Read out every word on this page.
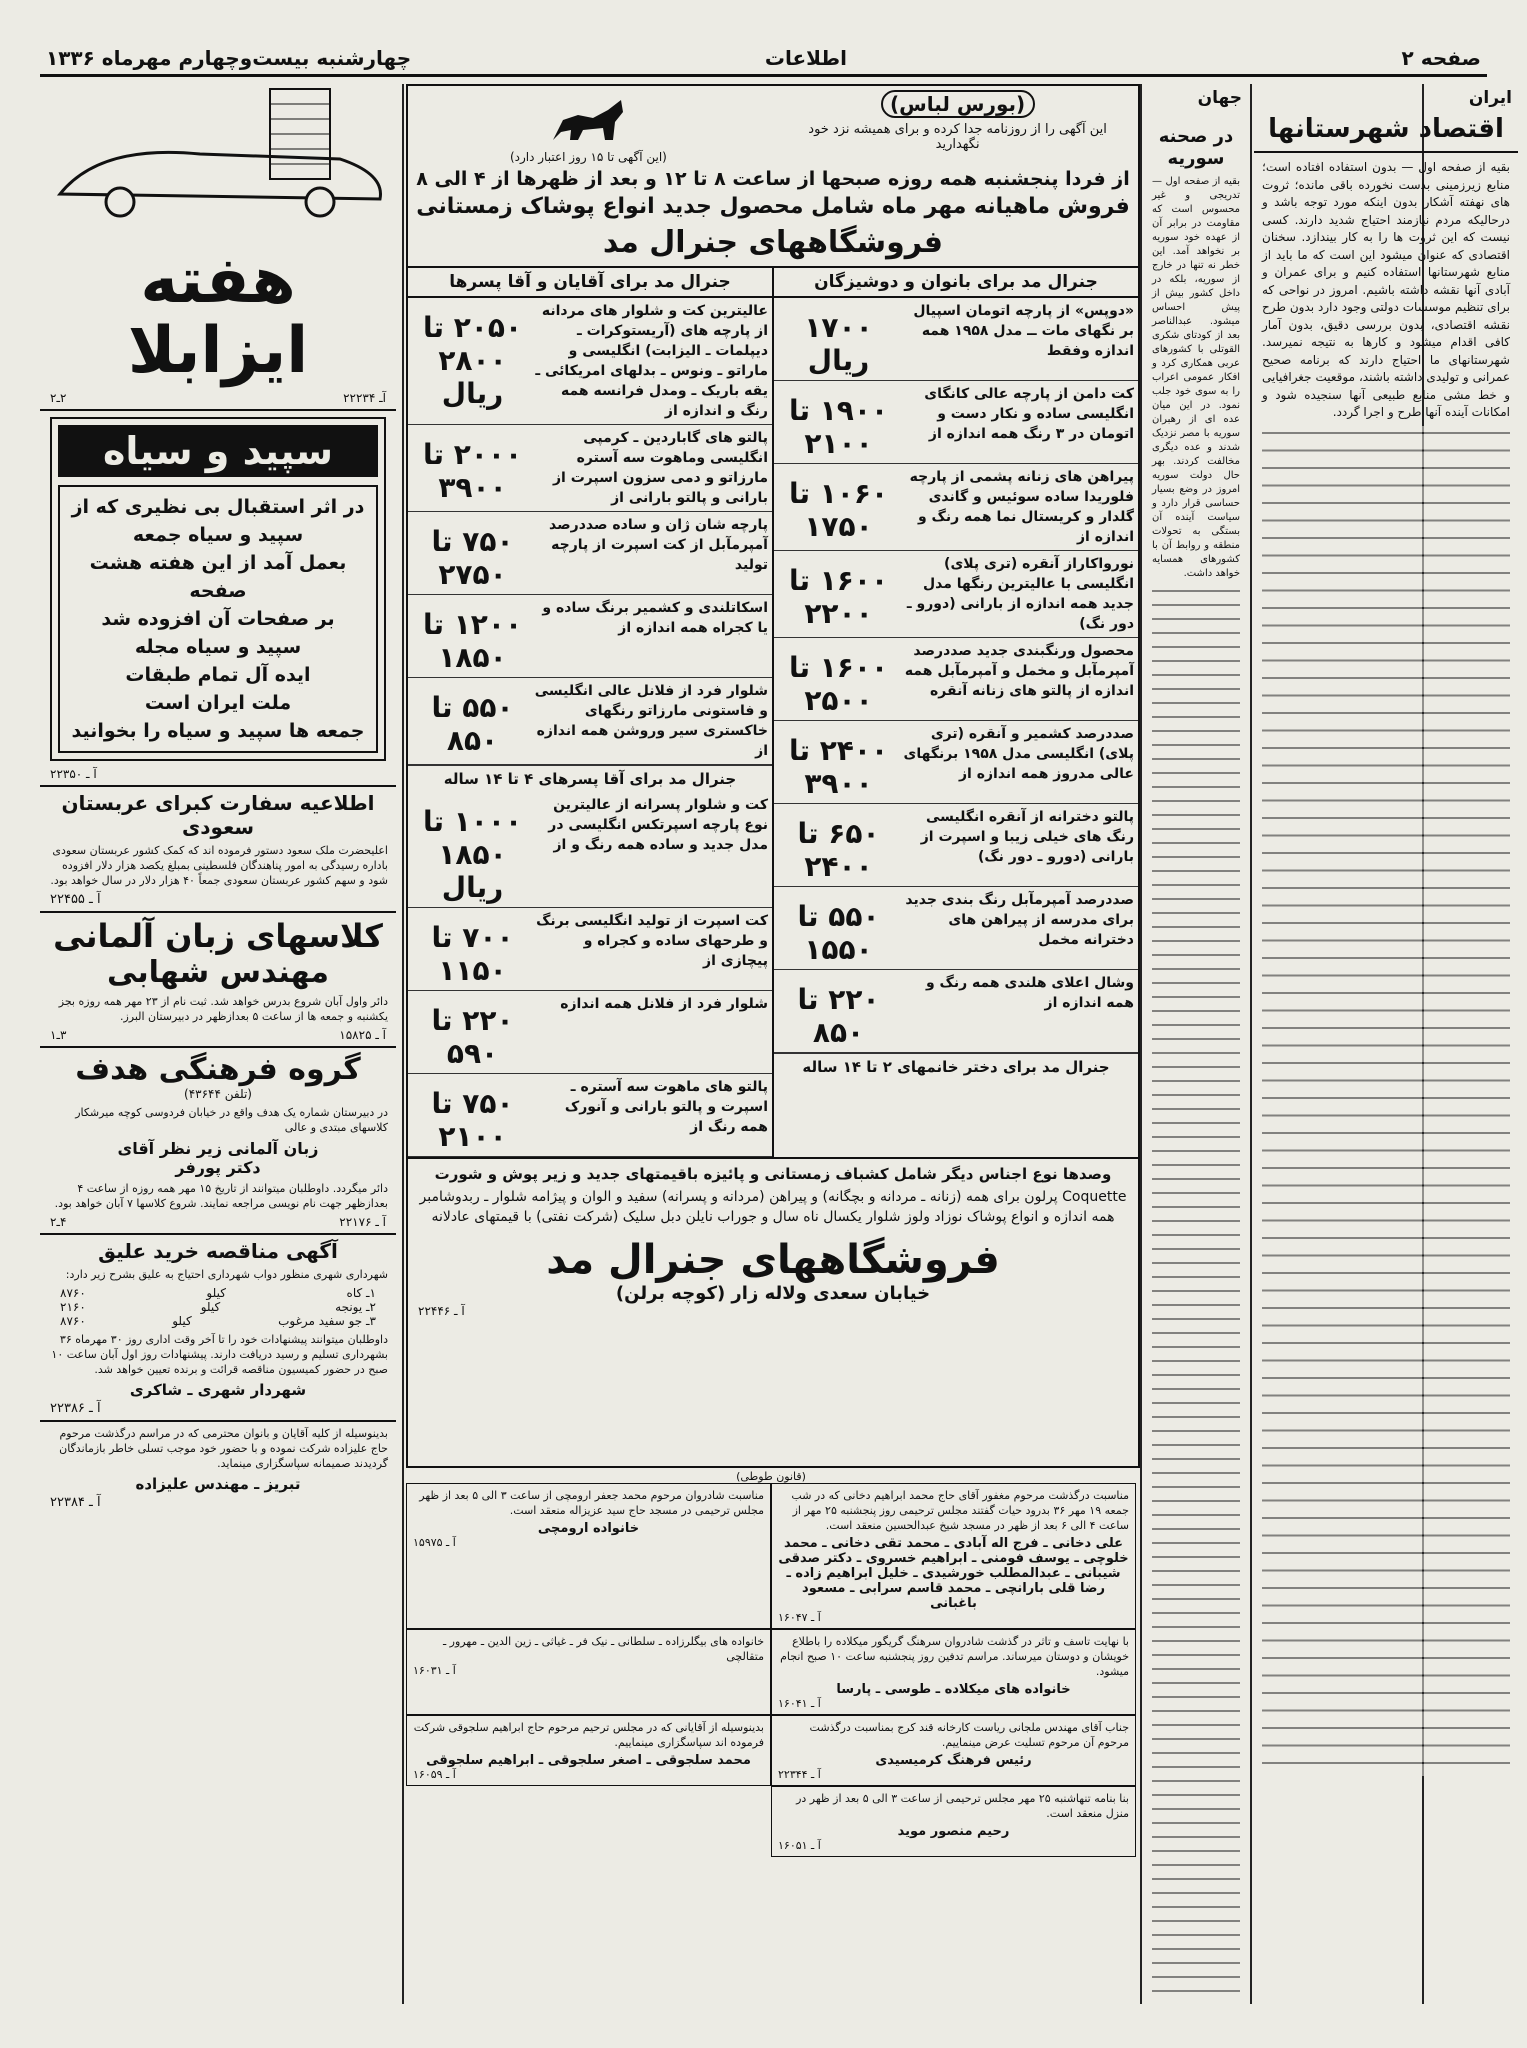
صفحه ۲
اطلاعات
چهارشنبه بیست‌وچهارم مهرماه ۱۳۳۶
ایران
اقتصاد شهرستانها
بقیه از صفحه اول — بدون استفاده افتاده است؛ منابع زیرزمینی بدست نخورده باقی مانده؛ ثروت های نهفته آشکار بدون اینکه مورد توجه باشد و درحالیکه مردم نیازمند احتیاج شدید دارند. کسی نیست که این ثروت ها را به کار بیندازد. سخنان اقتصادی که عنوان میشود این است که ما باید از منابع شهرستانها استفاده کنیم و برای عمران و آبادی آنها نقشه داشته باشیم. امروز در نواحی که برای تنظیم موسسات دولتی وجود دارد بدون طرح نقشه اقتصادی، بدون بررسی دقیق، بدون آمار کافی اقدام میشود و کارها به نتیجه نمیرسد. شهرستانهای ما احتیاج دارند که برنامه صحیح عمرانی و تولیدی داشته باشند، موقعیت جغرافیایی و خط مشی منابع طبیعی آنها سنجیده شود و امکانات آینده آنها طرح و اجرا گردد.
جهان
در صحنه سوریه
بقیه از صفحه اول — تدریجی و غیر محسوس است که مقاومت در برابر آن از عهده خود سوریه بر نخواهد آمد. این خطر نه تنها در خارج از سوریه، بلکه در داخل کشور بیش از پیش احساس میشود. عبدالناصر بعد از کودتای شکری القوتلی با کشورهای عربی همکاری کرد و افکار عمومی اعراب را به سوی خود جلب نمود. در این میان عده ای از رهبران سوریه با مصر نزدیک شدند و عده دیگری مخالفت کردند. بهر حال دولت سوریه امروز در وضع بسیار حساسی قرار دارد و سیاست آینده آن بستگی به تحولات منطقه و روابط آن با کشورهای همسایه خواهد داشت.
(بورس لباس)
این آگهی را از روزنامه جدا کرده و برای همیشه نزد خود نگهدارید
(این آگهی تا ۱۵ روز اعتبار دارد)
از فردا پنجشنبه همه روزه صبحها از ساعت ۸ تا ۱۲ و بعد از ظهرها از ۴ الی ۸
فروش ماهیانه مهر ماه شامل محصول جدید انواع پوشاک زمستانی
فروشگاههای جنرال مد
جنرال مد برای بانوان و دوشیزگان
«دوپس» از پارچه اتومان اسپیال بر نگهای مات ــ مدل ۱۹۵۸ همه اندازه وفقط
۱۷۰۰ ریال
کت دامن از پارچه عالی کانگای انگلیسی ساده و نکار دست و اتومان در ۳ رنگ همه اندازه از
۱۹۰۰ تا ۲۱۰۰
پیراهن های زنانه پشمی از پارچه فلوریدا ساده سوئیس و گاندی گلدار و کریستال نما همه رنگ و اندازه از
۱۰۶۰ تا ۱۷۵۰
نورواکاراز آنقره (تری پلای) انگلیسی با عالیترین رنگها مدل جدید همه اندازه از بارانی (دورو ـ دور نگ)
۱۶۰۰ تا ۲۲۰۰
محصول ورنگبندی جدید صددرصد آمپرمآبل و مخمل و آمپرمآبل همه اندازه از پالتو های زنانه آنقره
۱۶۰۰ تا ۲۵۰۰
صددرصد کشمیر و آنقره (تری پلای) انگلیسی مدل ۱۹۵۸ برنگهای عالی مدروز همه اندازه از
۲۴۰۰ تا ۳۹۰۰
پالتو دخترانه از آنقره انگلیسی رنگ های خیلی زیبا و اسپرت از بارانی (دورو ـ دور نگ)
۶۵۰ تا ۲۴۰۰
صددرصد آمپرمآبل رنگ بندی جدید برای مدرسه از پیراهن های دخترانه مخمل
۵۵۰ تا ۱۵۵۰
وشال اعلای هلندی همه رنگ و همه اندازه از
۲۲۰ تا ۸۵۰
جنرال مد برای دختر خانمهای ۲ تا ۱۴ ساله
جنرال مد برای آقایان و آقا پسرها
عالیترین کت و شلوار های مردانه از پارچه های (آریستوکرات ـ دیپلمات ـ الیزابت) انگلیسی و ماراتو ـ ونوس ـ بدلهای امریکائی ـ یقه باریک ـ ومدل فرانسه همه رنگ و اندازه از
۲۰۵۰ تا ۲۸۰۰ ریال
پالتو های گاباردین ـ کرمپی انگلیسی وماهوت سه آستره مارزاتو و دمی سزون اسپرت از بارانی و پالتو بارانی از
۲۰۰۰ تا ۳۹۰۰
پارچه شان ژان و ساده صددرصد آمپرمآبل از کت اسپرت از پارچه تولید
۷۵۰ تا ۲۷۵۰
اسکاتلندی و کشمیر برنگ ساده و یا کجراه همه اندازه از
۱۲۰۰ تا ۱۸۵۰
شلوار فرد از فلانل عالی انگلیسی و فاستونی مارزاتو رنگهای خاکستری سیر وروشن همه اندازه از
۵۵۰ تا ۸۵۰
جنرال مد برای آقا پسرهای ۴ تا ۱۴ ساله
کت و شلوار پسرانه از عالیترین نوع پارچه اسپرتکس انگلیسی در مدل جدید و ساده همه رنگ و از
۱۰۰۰ تا ۱۸۵۰ ریال
کت اسپرت از تولید انگلیسی برنگ و طرحهای ساده و کجراه و پیچازی از
۷۰۰ تا ۱۱۵۰
شلوار فرد از فلانل همه اندازه
۲۲۰ تا ۵۹۰
پالتو های ماهوت سه آستره ـ اسپرت و پالتو بارانی و آنورک همه رنگ از
۷۵۰ تا ۲۱۰۰
وصدها نوع اجناس دیگر شامل کشباف زمستانی و پائیزه باقیمتهای جدید و زیر پوش و شورت
Coquette پرلون برای همه (زنانه ـ مردانه و بچگانه) و پیراهن (مردانه و پسرانه) سفید و الوان و پیژامه شلوار ـ ربدوشامبر همه اندازه و انواع پوشاک نوزاد ولوز شلوار یکسال ناه سال و جوراب نایلن دبل سلیک (شرکت نفتی) با قیمتهای عادلانه
فروشگاههای جنرال مد
خیابان سعدی ولاله زار (کوچه برلن)
آ ـ ۲۲۴۴۶
(قانون طوطی)
مناسبت درگذشت مرحوم مغفور آقای حاج محمد ابراهیم دخانی که در شب جمعه ۱۹ مهر ۳۶ بدرود حیات گفتند مجلس ترحیمی روز پنجشنبه ۲۵ مهر از ساعت ۴ الی ۶ بعد از ظهر در مسجد شیخ عبدالحسین منعقد است.
علی دخانی ـ فرج اله آبادی ـ محمد تقی دخانی ـ محمد خلوچی ـ یوسف فومنی ـ ابراهیم خسروی ـ دکتر صدقی شیبانی ـ عبدالمطلب خورشیدی ـ خلیل ابراهیم زاده ـ رضا قلی بارانچی ـ محمد قاسم سرابی ـ مسعود باغبانی
آ ـ ۱۶۰۴۷
مناسبت شادروان مرحوم محمد جعفر ارومچی از ساعت ۳ الی ۵ بعد از ظهر مجلس ترحیمی در مسجد حاج سید عزیزاله منعقد است.
خانواده ارومچی
آ ـ ۱۵۹۷۵
با نهایت تاسف و تاثر در گذشت شادروان سرهنگ گریگور میکلاده را باطلاع خویشان و دوستان میرساند. مراسم تدفین روز پنجشنبه ساعت ۱۰ صبح انجام میشود.
خانواده های میکلاده ـ طوسی ـ پارسا
آ ـ ۱۶۰۴۱
خانواده های بیگلرزاده ـ سلطانی ـ نیک فر ـ غیاثی ـ زین الدین ـ مهرور ـ متقالچی
آ ـ ۱۶۰۳۱
جناب آقای مهندس ملجانی ریاست کارخانه قند کرج بمناسبت درگذشت مرحوم آن مرحوم تسلیت عرض مینماییم.
رئیس فرهنگ کرمیسیدی
آ ـ ۲۲۳۴۴
بدینوسیله از آقایانی که در مجلس ترحیم مرحوم حاج ابراهیم سلجوقی شرکت فرموده اند سپاسگزاری مینماییم.
محمد سلجوقی ـ اصغر سلجوقی ـ ابراهیم سلجوقی
آ ـ ۱۶۰۵۹
بنا بنامه تنهاشنبه ۲۵ مهر مجلس ترحیمی از ساعت ۳ الی ۵ بعد از ظهر در منزل منعقد است.
رحیم منصور موید
آ ـ ۱۶۰۵۱
هفته ایزابلا
آـ ۲۲۲۳۴
۲ـ۲
سپید و سیاه
در اثر استقبال بی نظیری که از
سپید و سیاه جمعه
بعمل آمد از این هفته هشت صفحه
بر صفحات آن افزوده شد
سپید و سیاه مجله
ایده آل تمام طبقات
ملت ایران است
جمعه ها سپید و سیاه را بخوانید
آ ـ ۲۲۳۵۰
اطلاعیه سفارت کبرای عربستان سعودی
اعلیحضرت ملک سعود دستور فرموده اند که کمک کشور عربستان سعودی باداره رسیدگی به امور پناهندگان فلسطینی بمبلغ یکصد هزار دلار افزوده شود و سهم کشور عربستان سعودی جمعاً ۴۰ هزار دلار در سال خواهد بود.
آ ـ ۲۲۴۵۵
کلاسهای زبان آلمانی
مهندس شهابی
دائر واول آبان شروع بدرس خواهد شد. ثبت نام از ۲۳ مهر همه روزه بجز یکشنبه و جمعه ها از ساعت ۵ بعدازظهر در دبیرستان البرز.
آ ـ ۱۵۸۲۵
۳ـ۱
گروه فرهنگی هدف
(تلفن ۴۳۶۴۴)
در دبیرستان شماره یک هدف واقع در خیابان فردوسی کوچه میرشکار کلاسهای مبتدی و عالی
زبان آلمانی زیر نظر آقای
دکتر پورفر
دائر میگردد. داوطلبان میتوانند از تاریخ ۱۵ مهر همه روزه از ساعت ۴ بعدازظهر جهت نام نویسی مراجعه نمایند. شروع کلاسها ۷ آبان خواهد بود.
آ ـ ۲۲۱۷۶
۴ـ۲
آگهی مناقصه خرید علیق
شهرداری شهری منظور دواب شهرداری احتیاج به علیق بشرح زیر دارد:
۱ـ کاه
کیلو
۸۷۶۰
۲ـ یونجه
کیلو
۲۱۶۰
۳ـ جو سفید مرغوب
کیلو
۸۷۶۰
داوطلبان میتوانند پیشنهادات خود را تا آخر وقت اداری روز ۳۰ مهرماه ۳۶ بشهرداری تسلیم و رسید دریافت دارند. پیشنهادات روز اول آبان ساعت ۱۰ صبح در حضور کمیسیون مناقصه قرائت و برنده تعیین خواهد شد.
شهردار شهری ـ شاکری
آ ـ ۲۲۳۸۶
بدینوسیله از کلیه آقایان و بانوان محترمی که در مراسم درگذشت مرحوم حاج علیزاده شرکت نموده و با حضور خود موجب تسلی خاطر بازماندگان گردیدند صمیمانه سپاسگزاری مینماید.
تبریز ـ مهندس علیزاده
آ ـ ۲۲۳۸۴
